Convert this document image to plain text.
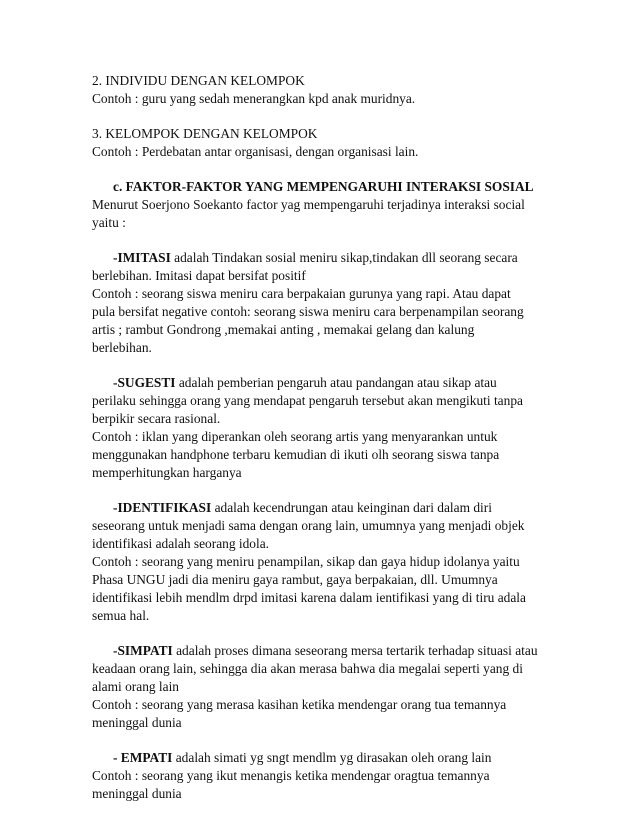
2. INDIVIDU DENGAN KELOMPOK
Contoh : guru yang sedah menerangkan kpd anak muridnya.
3. KELOMPOK DENGAN KELOMPOK
Contoh : Perdebatan antar organisasi, dengan organisasi lain.
c. FAKTOR-FAKTOR YANG MEMPENGARUHI INTERAKSI SOSIAL
Menurut Soerjono Soekanto factor yag mempengaruhi terjadinya interaksi social
yaitu :
-IMITASI adalah Tindakan sosial meniru sikap,tindakan dll seorang secara
berlebihan. Imitasi dapat bersifat positif
Contoh : seorang siswa meniru cara berpakaian gurunya yang rapi. Atau dapat
pula bersifat negative contoh: seorang siswa meniru cara berpenampilan seorang
artis ; rambut Gondrong ,memakai anting , memakai gelang dan kalung
berlebihan.
-SUGESTI adalah pemberian pengaruh atau pandangan atau sikap atau
perilaku sehingga orang yang mendapat pengaruh tersebut akan mengikuti tanpa
berpikir secara rasional.
Contoh : iklan yang diperankan oleh seorang artis yang menyarankan untuk
menggunakan handphone terbaru kemudian di ikuti olh seorang siswa tanpa
memperhitungkan harganya
-IDENTIFIKASI adalah kecendrungan atau keinginan dari dalam diri
seseorang untuk menjadi sama dengan orang lain, umumnya yang menjadi objek
identifikasi adalah seorang idola.
Contoh : seorang yang meniru penampilan, sikap dan gaya hidup idolanya yaitu
Phasa UNGU jadi dia meniru gaya rambut, gaya berpakaian, dll. Umumnya
identifikasi lebih mendlm drpd imitasi karena dalam ientifikasi yang di tiru adala
semua hal.
-SIMPATI adalah proses dimana seseorang mersa tertarik terhadap situasi atau
keadaan orang lain, sehingga dia akan merasa bahwa dia megalai seperti yang di
alami orang lain
Contoh : seorang yang merasa kasihan ketika mendengar orang tua temannya
meninggal dunia
- EMPATI adalah simati yg sngt mendlm yg dirasakan oleh orang lain
Contoh : seorang yang ikut menangis ketika mendengar oragtua temannya
meninggal dunia
